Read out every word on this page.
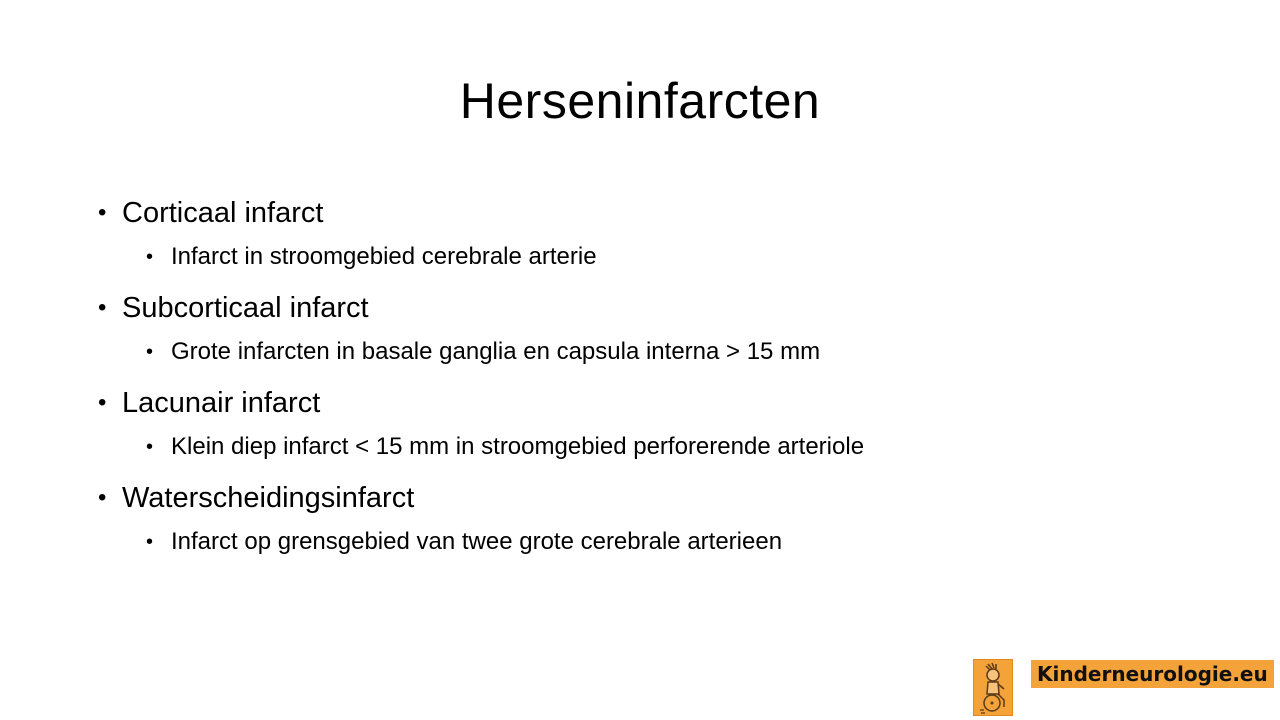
Herseninfarcten
• Corticaal infarct
• Infarct in stroomgebied cerebrale arterie
• Subcorticaal infarct
• Grote infarcten in basale ganglia en capsula interna > 15 mm
• Lacunair infarct
• Klein diep infarct < 15 mm in stroomgebied perforerende arteriole
• Waterscheidingsinfarct
• Infarct op grensgebied van twee grote cerebrale arterieen
Kinderneurologie.eu
